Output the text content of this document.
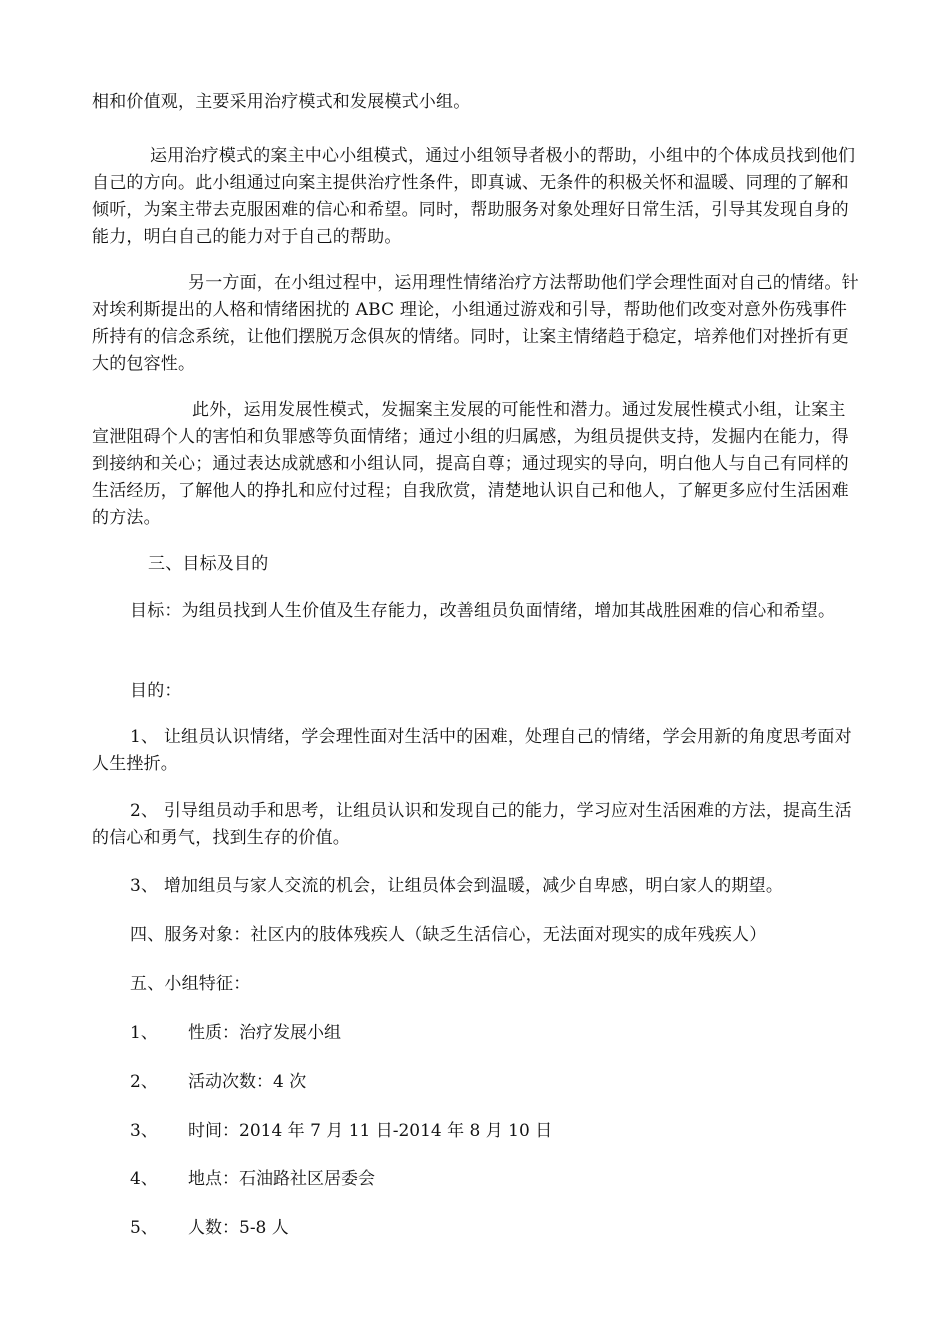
相和价值观，主要采用治疗模式和发展模式小组。
运用治疗模式的案主中心小组模式，通过小组领导者极小的帮助，小组中的个体成员找到他们自己的方向。此小组通过向案主提供治疗性条件，即真诚、无条件的积极关怀和温暖、同理的了解和倾听，为案主带去克服困难的信心和希望。同时，帮助服务对象处理好日常生活，引导其发现自身的能力，明白自己的能力对于自己的帮助。
另一方面，在小组过程中，运用理性情绪治疗方法帮助他们学会理性面对自己的情绪。针对埃利斯提出的人格和情绪困扰的 ABC 理论，小组通过游戏和引导，帮助他们改变对意外伤残事件所持有的信念系统，让他们摆脱万念俱灰的情绪。同时，让案主情绪趋于稳定，培养他们对挫折有更大的包容性。
此外，运用发展性模式，发掘案主发展的可能性和潜力。通过发展性模式小组，让案主宣泄阻碍个人的害怕和负罪感等负面情绪；通过小组的归属感，为组员提供支持，发掘内在能力，得到接纳和关心；通过表达成就感和小组认同，提高自尊；通过现实的导向，明白他人与自己有同样的生活经历，了解他人的挣扎和应付过程；自我欣赏，清楚地认识自己和他人，了解更多应付生活困难的方法。
三、目标及目的
目标：为组员找到人生价值及生存能力，改善组员负面情绪，增加其战胜困难的信心和希望。
目的：
1、 让组员认识情绪，学会理性面对生活中的困难，处理自己的情绪，学会用新的角度思考面对人生挫折。
2、 引导组员动手和思考，让组员认识和发现自己的能力，学习应对生活困难的方法，提高生活的信心和勇气，找到生存的价值。
3、 增加组员与家人交流的机会，让组员体会到温暖，减少自卑感，明白家人的期望。
四、服务对象：社区内的肢体残疾人（缺乏生活信心，无法面对现实的成年残疾人）
五、小组特征：
1、 性质：治疗发展小组
2、 活动次数：4 次
3、 时间：2014 年 7 月 11 日-2014 年 8 月 10 日
4、 地点：石油路社区居委会
5、 人数：5-8 人
